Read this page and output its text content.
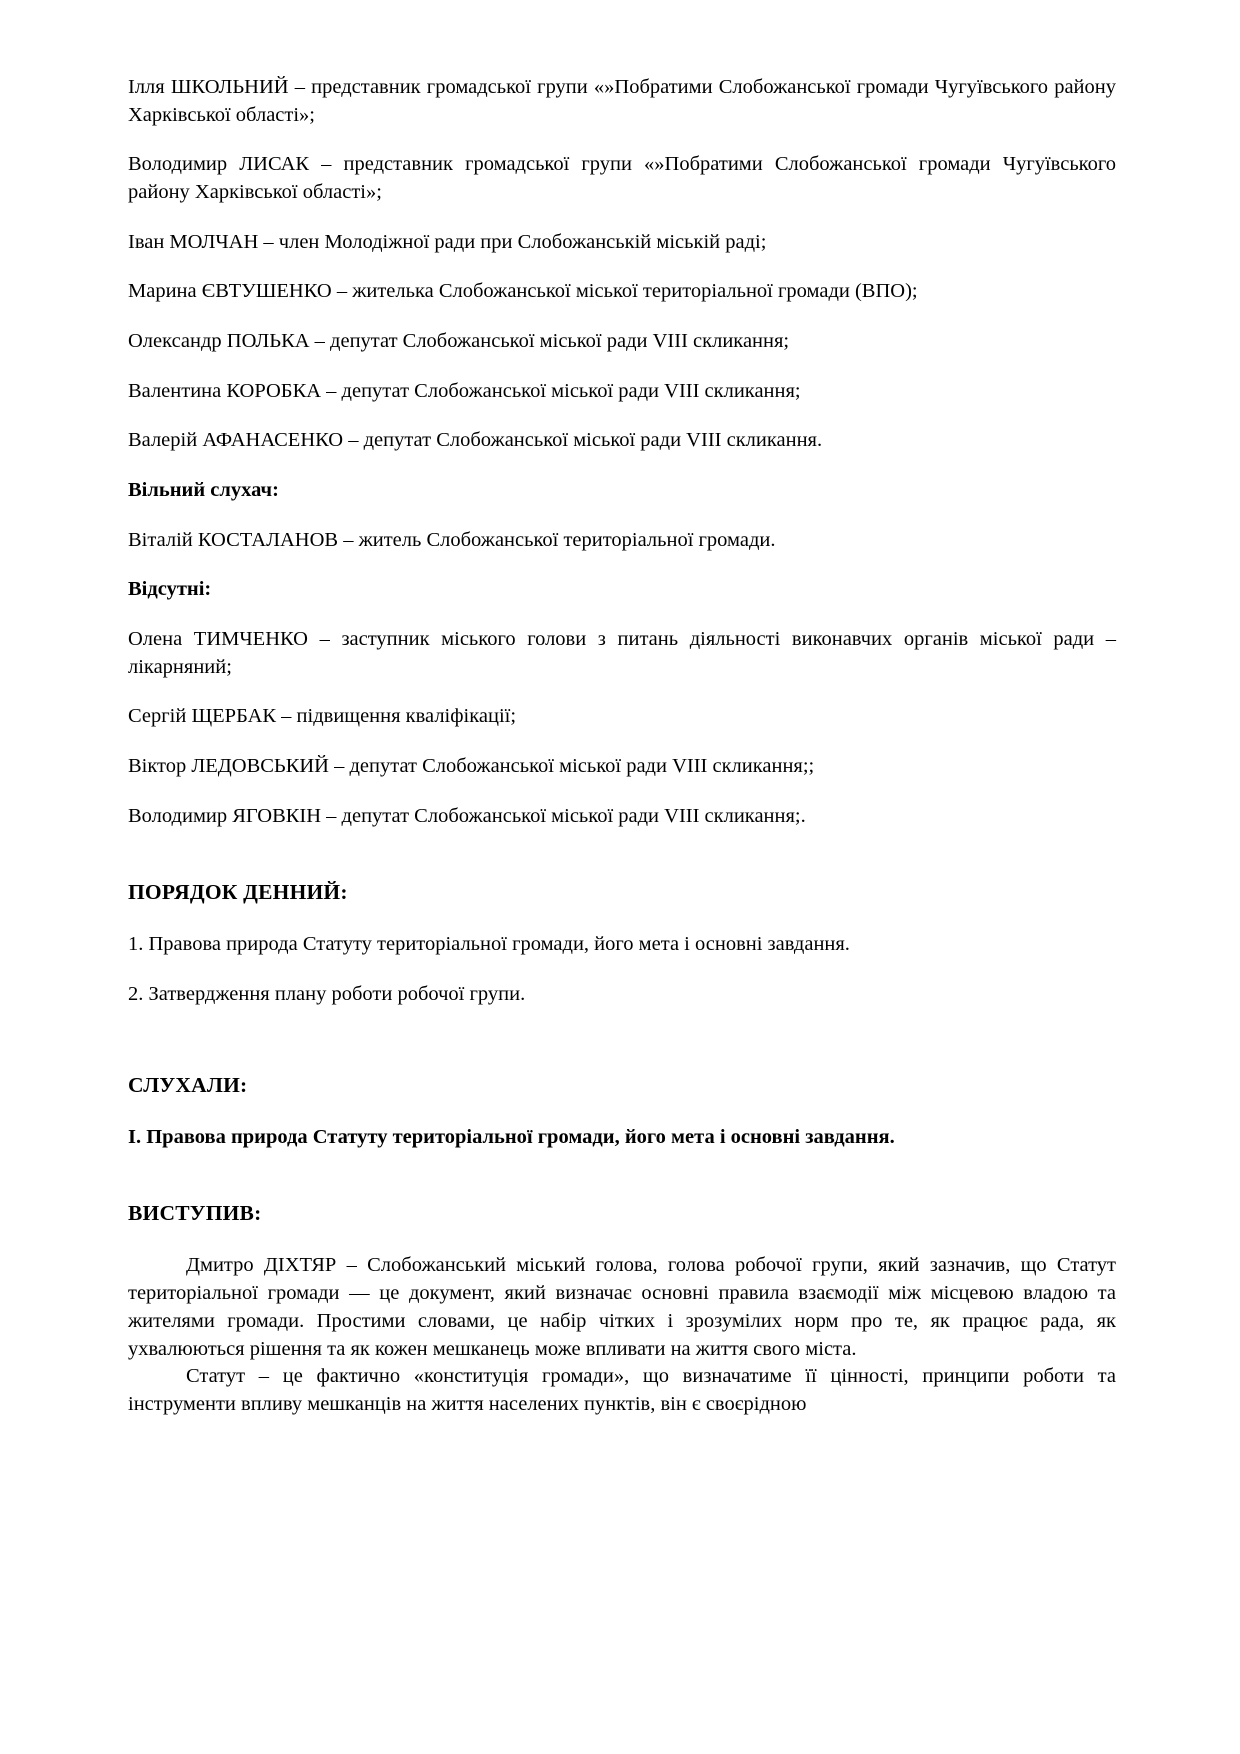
Ілля ШКОЛЬНИЙ – представник громадської групи «»Побратими Слобожанської громади Чугуївського району Харківської області»;

Володимир ЛИСАК – представник громадської групи «»Побратими Слобожанської громади Чугуївського району Харківської області»;

Іван МОЛЧАН – член Молодіжної ради при Слобожанській міській раді;

Марина ЄВТУШЕНКО – жителька Слобожанської міської територіальної громади (ВПО);

Олександр ПОЛЬКА – депутат Слобожанської міської ради VIII скликання;

Валентина КОРОБКА – депутат Слобожанської міської ради VIII скликання;

Валерій АФАНАСЕНКО – депутат Слобожанської міської ради VIII скликання.

Вільний слухач:

Віталій КОСТАЛАНОВ – житель Слобожанської територіальної громади.

Відсутні:

Олена ТИМЧЕНКО – заступник міського голови з питань діяльності виконавчих органів міської ради – лікарняний;

Сергій ЩЕРБАК – підвищення кваліфікації;

Віктор ЛЕДОВСЬКИЙ – депутат Слобожанської міської ради VIII скликання;;

Володимир ЯГОВКІН – депутат Слобожанської міської ради VIII скликання;.

ПОРЯДОК ДЕННИЙ:

1. Правова природа Статуту територіальної громади, його мета і основні завдання.

2. Затвердження плану роботи робочої групи.

СЛУХАЛИ:

І. Правова природа Статуту територіальної громади, його мета і основні завдання.

ВИСТУПИВ:

Дмитро ДІХТЯР – Слобожанський міський голова, голова робочої групи, який зазначив, що Статут територіальної громади — це документ, який визначає основні правила взаємодії між місцевою владою та жителями громади. Простими словами, це набір чітких і зрозумілих норм про те, як працює рада, як ухвалюються рішення та як кожен мешканець може впливати на життя свого міста.

Статут – це фактично «конституція громади», що визначатиме її цінності, принципи роботи та інструменти впливу мешканців на життя населених пунктів, він є своєрідною
